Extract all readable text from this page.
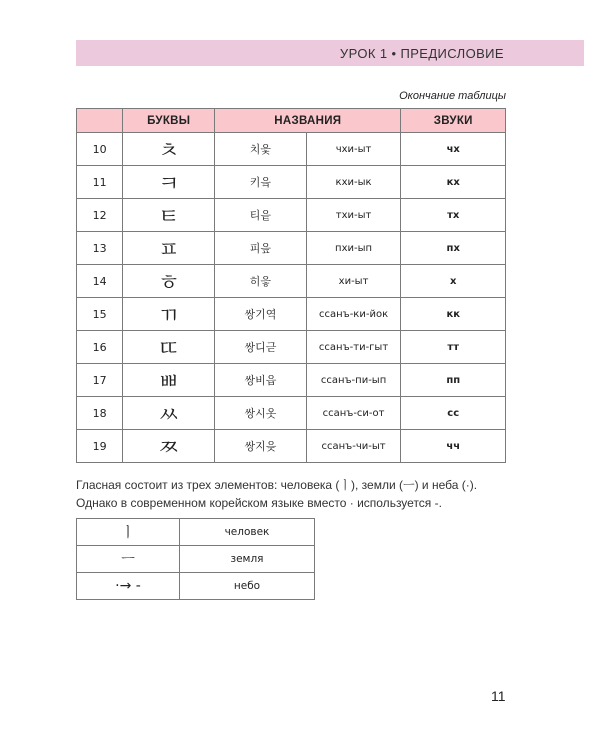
УРОК 1 • ПРЕДИСЛОВИЕ
Окончание таблицы
	БУКВЫ	НАЗВАНИЯ		ЗВУКИ
10	ㅊ	치읓	чхи-ыт	чх
11	ㅋ	키읔	кхи-ык	кх
12	ㅌ	티읕	тхи-ыт	тх
13	ㅍ	피읖	пхи-ып	пх
14	ㅎ	히읗	хи-ыт	х
15	ㄲ	쌍기역	ссанъ-ки-йок	кк
16	ㄸ	쌍디귿	ссанъ-ти-гыт	тт
17	ㅃ	쌍비읍	ссанъ-пи-ып	пп
18	ㅆ	쌍시옷	ссанъ-си-от	сс
19	ㅉ	쌍지읒	ссанъ-чи-ыт	чч

Гласная состоит из трех элементов: человека (ㅣ), земли (ㅡ) и неба (·).

Однако в современном корейском языке вместо · используется -.

ㅣ	человек
ㅡ	земля
·→ -	небо
11
